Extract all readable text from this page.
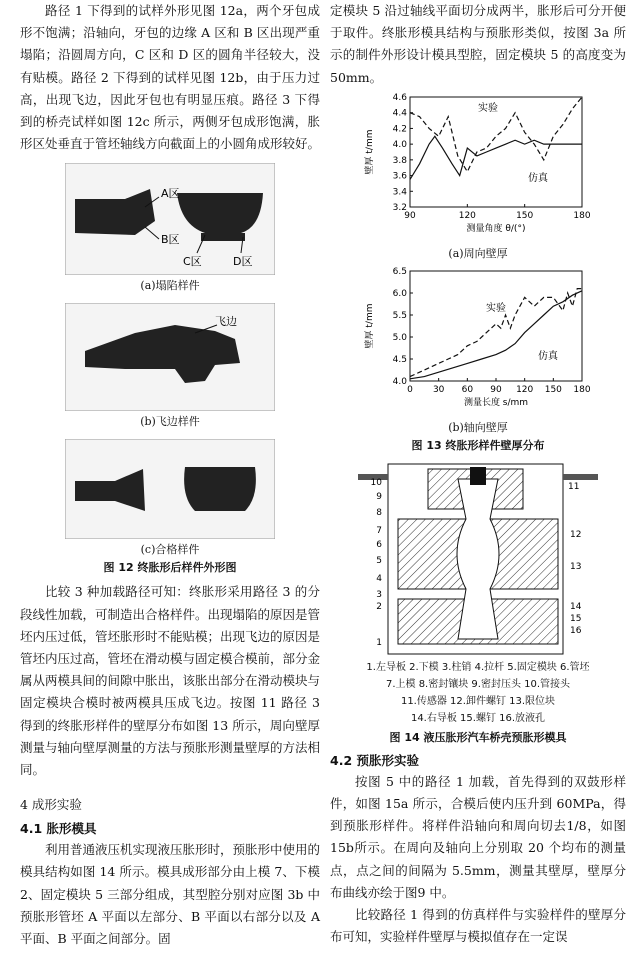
路径 1 下得到的试样外形见图 12a，两个牙包成形不饱满；沿轴向，牙包的边缘 A 区和 B 区出现严重塌陷；沿圆周方向，C 区和 D 区的圆角半径较大，没有贴模。路径 2 下得到的试样见图 12b，由于压力过高，出现飞边，因此牙包也有明显压痕。路径 3 下得到的桥壳试样如图 12c 所示，两侧牙包成形饱满，胀形区处垂直于管坯轴线方向截面上的小圆角成形较好。

A区
B区
C区	D区
(a)塌陷样件
飞边
(b)飞边样件
(c)合格样件
图 12 终胀形后样件外形图

比较 3 种加载路径可知：终胀形采用路径 3 的分段线性加载，可制造出合格样件。出现塌陷的原因是管坯内压过低，管坯胀形时不能贴模；出现飞边的原因是管坯内压过高，管坯在滑动模与固定模合模前，部分金属从两模具间的间隙中胀出，该胀出部分在滑动模块与固定模块合模时被两模具压成飞边。按图 11 路径 3 得到的终胀形样件的壁厚分布如图 13 所示，周向壁厚测量与轴向壁厚测量的方法与预胀形测量壁厚的方法相同。

4 成形实验
4.1 胀形模具

利用普通液压机实现液压胀形时，预胀形中使用的模具结构如图 14 所示。模具成形部分由上模 7、下模 2、固定模块 5 三部分组成，其型腔分别对应图 3b 中预胀形管坯 A 平面以左部分、B 平面以右部分以及 A 平面、B 平面之间部分。固

定模块 5 沿过轴线平面切分成两半，胀形后可分开便于取件。终胀形模具结构与预胀形类似，按图 3a 所示的制件外形设计模具型腔，固定模块 5 的高度变为 50mm。

90	120	150	180
3.2
3.4
3.6
3.8
4.0
4.2
4.4
4.6
测量角度 θ/(°)
壁厚 t/mm
实验
仿真
(a)周向壁厚
0 30 60 90 120 150 180
4.0
4.5
5.0
5.5
6.0
6.5
测量长度 s/mm
壁厚 t/mm	实验
仿真
(b)轴向壁厚
图 13 终胀形样件壁厚分布
1
2
3
4
5
6
7
8
9
10	11
12
13
14
15
16
1.左导板 2.下模 3.柱销 4.拉杆 5.固定模块 6.管坯
7.上模 8.密封镶块 9.密封压头 10.管接头
11.传感器 12.卸件螺钉 13.限位块
14.右导板 15.螺钉 16.放液孔
图 14 液压胀形汽车桥壳预胀形模具
4.2 预胀形实验

按图 5 中的路径 1 加载，首先得到的双鼓形样件，如图 15a 所示，合模后使内压升到 60MPa，得到预胀形样件。将样件沿轴向和周向切去1/8，如图15b所示。在周向及轴向上分别取 20 个均布的测量点，点之间的间隔为 5.5mm，测量其壁厚，壁厚分布曲线亦绘于图9 中。

比较路径 1 得到的仿真样件与实验样件的壁厚分布可知，实验样件壁厚与模拟值存在一定误
